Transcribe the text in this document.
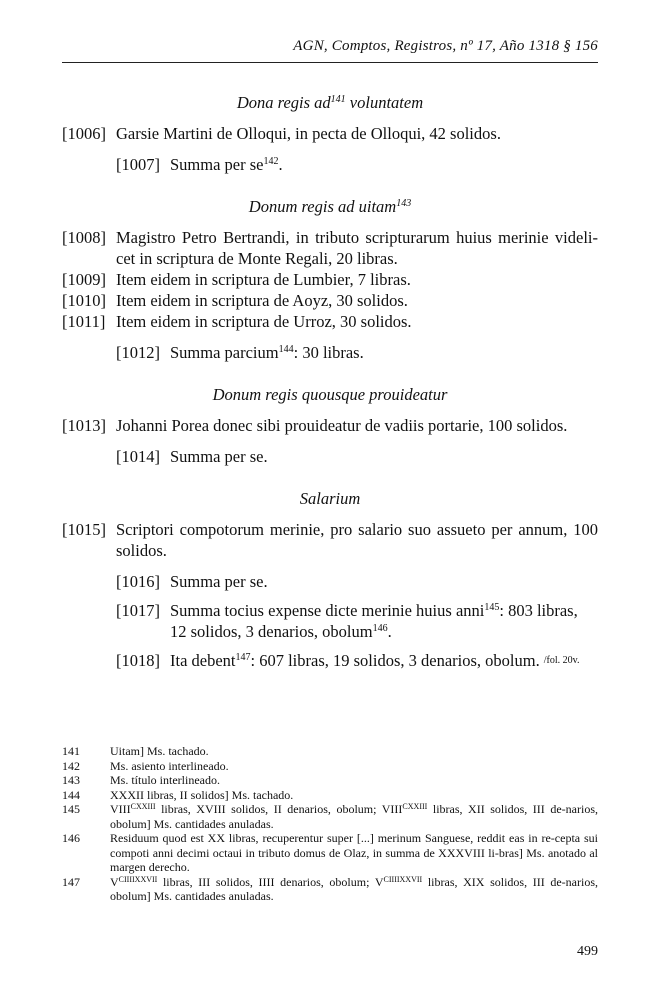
AGN, Comptos, Registros, nº 17, Año 1318 § 156
Dona regis $ad^{141}$ voluntatem
[1006] Garsie Martini de Olloqui, in pecta de Olloqui, 42 solidos.
[1007] Summa per $se^{142}$.
Donum regis ad uitam$^{143}$
[1008] Magistro Petro Bertrandi, in tributo scripturarum huius merinie videli-cet in scriptura de Monte Regali, 20 libras.
[1009] Item eidem in scriptura de Lumbier, 7 libras.
[1010] Item eidem in scriptura de Aoyz, 30 solidos.
[1011] Item eidem in scriptura de Urroz, 30 solidos.
[1012] Summa parcium$^{144}$: 30 libras.
Donum regis quousque prouideatur
[1013] Johanni Porea donec sibi prouideatur de vadiis portarie, 100 solidos.
[1014] Summa per se.
Salarium
[1015] Scriptori compotorum merinie, pro salario suo assueto per annum, 100 solidos.
[1016] Summa per se.
[1017] Summa tocius expense dicte merinie huius anni$^{145}$: 803 libras, 12 solidos, 3 denarios, obolum$^{146}$.
[1018] Ita debent$^{147}$: 607 libras, 19 solidos, 3 denarios, obolum. /fol. 20v.
141	Uitam] Ms. tachado.
142	Ms. asiento interlineado.
143	Ms. título interlineado.
144	XXXII libras, II solidos] Ms. tachado.
145	$VIII^{CXXIII}$ libras, XVIII solidos, II denarios, obolum; $VIII^{CXXIII}$ libras, XII solidos, III de-narios, obolum] Ms. cantidades anuladas.
146	Residuum quod est XX libras, recuperentur super [...] merinum Sanguese, reddit eas in re-cepta sui compoti anni decimi octaui in tributo domus de Olaz, in summa de XXXVIII li-bras] Ms. anotado al margen derecho.
147	$V^{CIIIIXXVII}$ libras, III solidos, IIII denarios, obolum; $V^{CIIIIXXVII}$ libras, XIX solidos, III de-narios, obolum] Ms. cantidades anuladas.
499
